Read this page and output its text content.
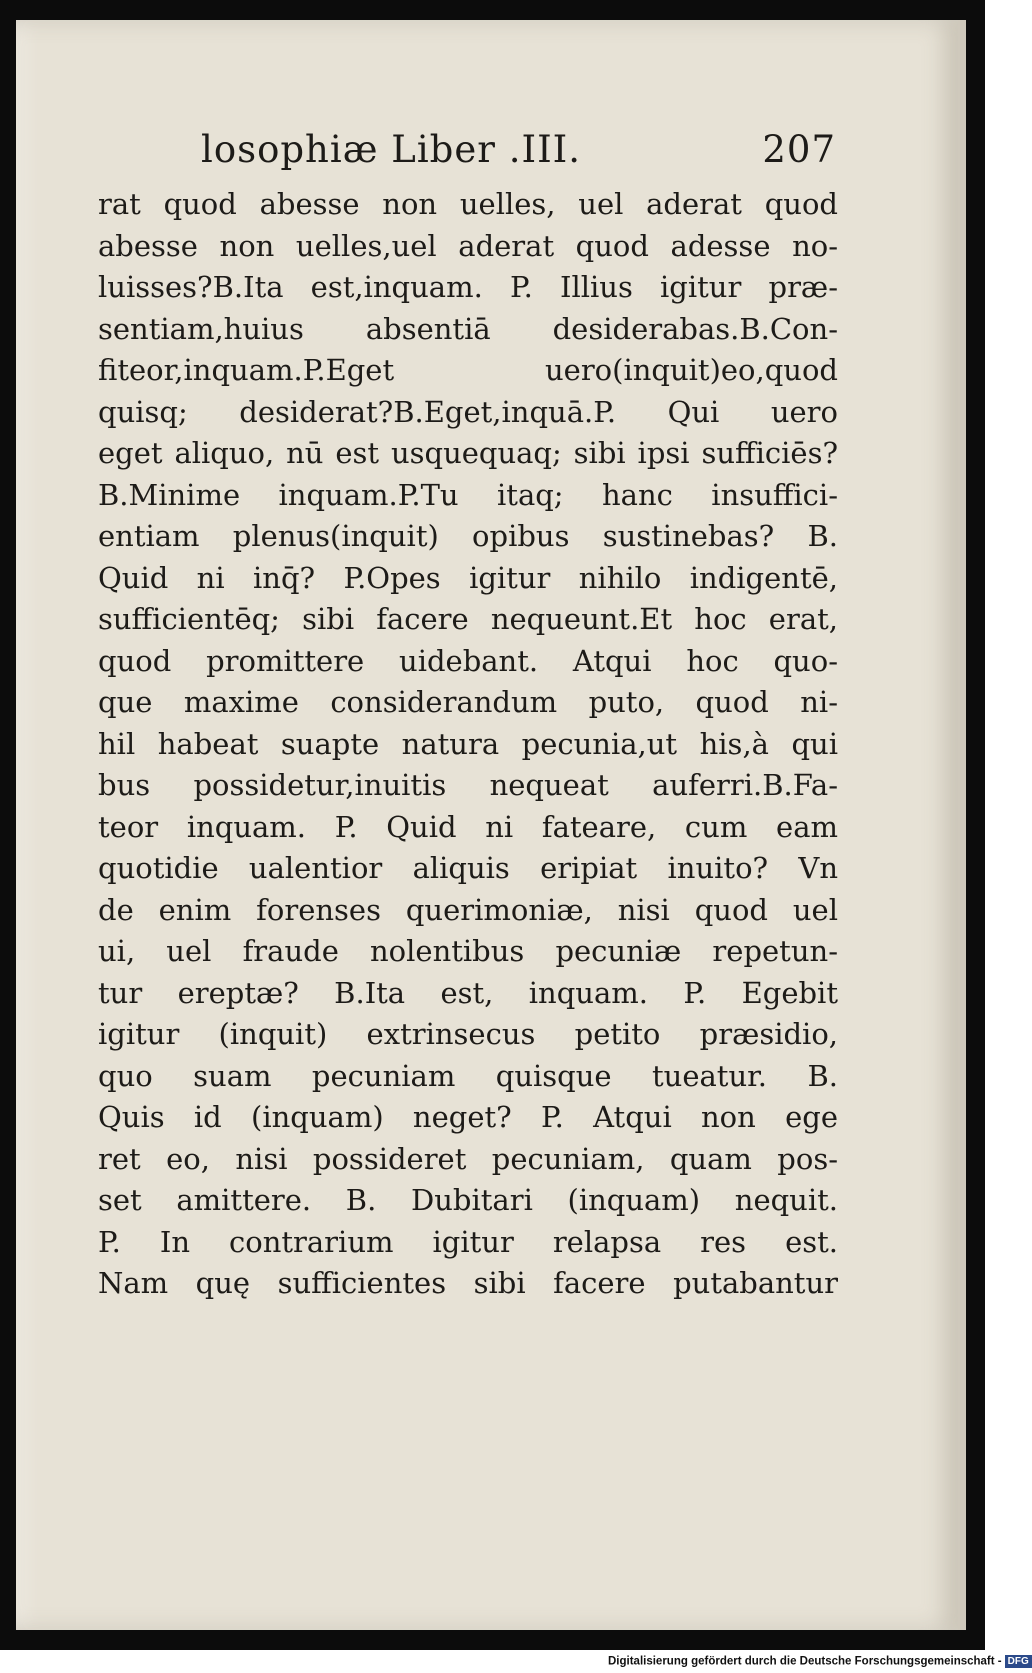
losophiæ Liber .III.	207
rat quod abesse non uelles, uel aderat quod
abesse non uelles,uel aderat quod adesse no-
luisses?B.Ita est,inquam. P. Illius igitur præ-
sentiam,huius absentiā desiderabas.B.Con-
fiteor,inquam.P.Eget uero(inquit)eo,quod
quisq; desiderat?B.Eget,inquā.P. Qui uero
eget aliquo, nū est usquequaq; sibi ipsi sufficiēs?
B.Minime inquam.P.Tu itaq; hanc insuffici-
entiam plenus(inquit) opibus sustinebas? B.
Quid ni inq̄? P.Opes igitur nihilo indigentē,
sufficientēq; sibi facere nequeunt.Et hoc erat,
quod promittere uidebant. Atqui hoc quo-
que maxime considerandum puto, quod ni-
hil habeat suapte natura pecunia,ut his,à qui
bus possidetur,inuitis nequeat auferri.B.Fa-
teor inquam. P. Quid ni fateare, cum eam
quotidie ualentior aliquis eripiat inuito? Vn
de enim forenses querimoniæ, nisi quod uel
ui, uel fraude nolentibus pecuniæ repetun-
tur ereptæ? B.Ita est, inquam. P. Egebit
igitur (inquit) extrinsecus petito præsidio,
quo suam pecuniam quisque tueatur. B.
Quis id (inquam) neget? P. Atqui non ege
ret eo, nisi possideret pecuniam, quam pos-
set amittere. B. Dubitari (inquam) nequit.
P. In contrarium igitur relapsa res est.
Nam quę sufficientes sibi facere putabantur
Digitalisierung gefördert durch die Deutsche Forschungsgemeinschaft - DFG
